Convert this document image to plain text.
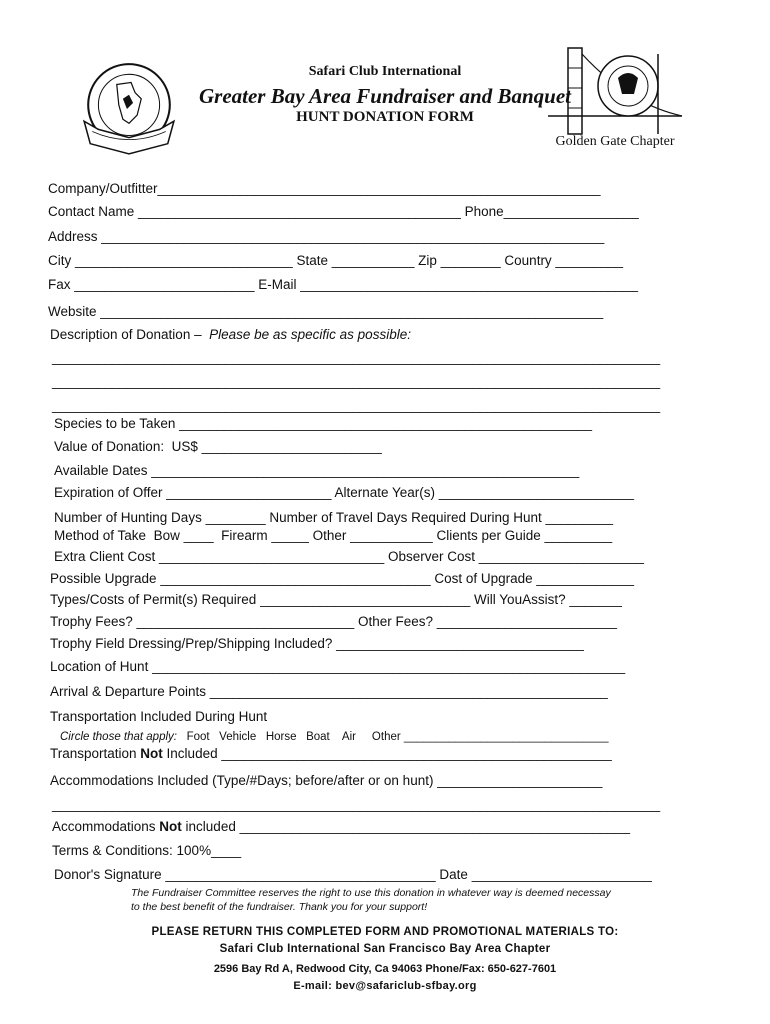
Safari Club International
Greater Bay Area Fundraiser and Banquet
HUNT DONATION FORM
Golden Gate Chapter
Company/Outfitter___________________________________________________________
Contact Name ___________________________________________ Phone__________________
Address ___________________________________________________________________
City _____________________________ State ___________ Zip ________ Country _________
Fax ________________________ E-Mail _____________________________________________
Website ___________________________________________________________________
Description of Donation –  Please be as specific as possible:
_________________________________________________________________________________
_________________________________________________________________________________
_________________________________________________________________________________
Species to be Taken _______________________________________________________
Value of Donation:  US$ ________________________
Available Dates _________________________________________________________
Expiration of Offer ______________________ Alternate Year(s) __________________________
Number of Hunting Days ________ Number of Travel Days Required During Hunt _________
Method of Take  Bow ____  Firearm _____ Other ___________ Clients per Guide _________
Extra Client Cost ______________________________ Observer Cost ______________________
Possible Upgrade ____________________________________ Cost of Upgrade _____________
Types/Costs of Permit(s) Required ____________________________ Will YouAssist? _______
Trophy Fees? _____________________________ Other Fees? ________________________
Trophy Field Dressing/Prep/Shipping Included? _________________________________
Location of Hunt _______________________________________________________________
Arrival & Departure Points _____________________________________________________
Transportation Included During Hunt
Circle those that apply:   Foot   Vehicle   Horse   Boat    Air     Other ________________________________
Transportation Not Included ____________________________________________________
Accommodations Included (Type/#Days; before/after or on hunt) ______________________
_________________________________________________________________________________
Accommodations Not included ____________________________________________________
Terms & Conditions: 100%____
Donor's Signature ____________________________________ Date ________________________
The Fundraiser Committee reserves the right to use this donation in whatever way is deemed necessay
to the best benefit of the fundraiser. Thank you for your support!
PLEASE RETURN THIS COMPLETED FORM AND PROMOTIONAL MATERIALS TO:
Safari Club International San Francisco Bay Area Chapter
2596 Bay Rd A, Redwood City, Ca 94063 Phone/Fax: 650-627-7601
E-mail: bev@safariclub-sfbay.org
